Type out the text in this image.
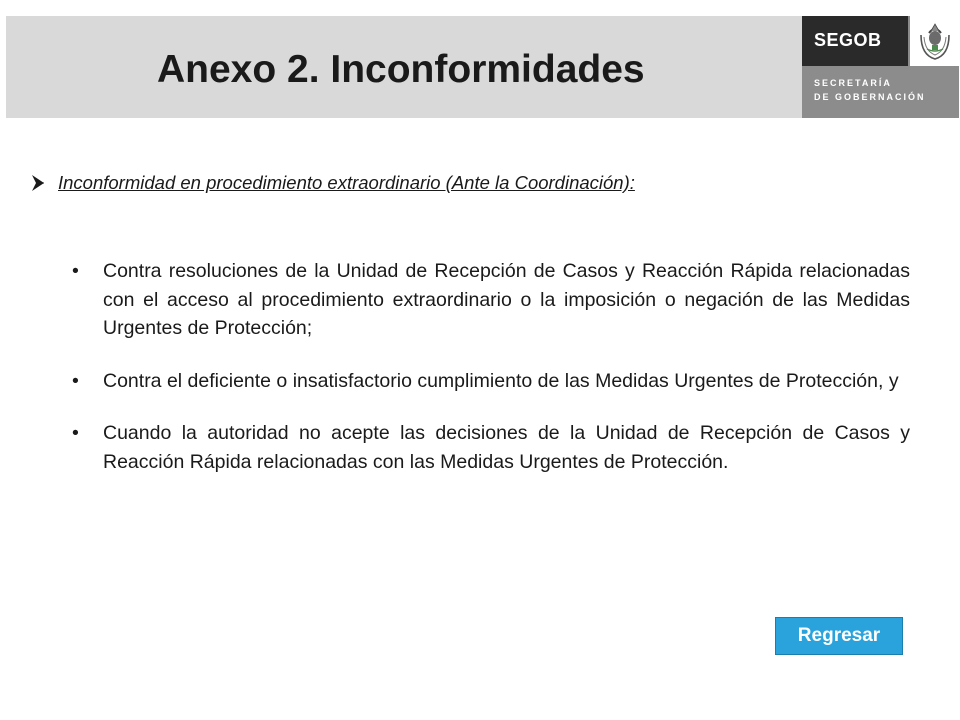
Anexo 2. Inconformidades
SEGOB
SECRETARÍA
DE GOBERNACIÓN
Inconformidad en procedimiento extraordinario (Ante la Coordinación):
• Contra resoluciones de la Unidad de Recepción de Casos y Reacción Rápida relacionadas con el acceso al procedimiento extraordinario o la imposición o negación de las Medidas Urgentes de Protección;
• Contra el deficiente o insatisfactorio cumplimiento de las Medidas Urgentes de Protección, y
• Cuando la autoridad no acepte las decisiones de la Unidad de Recepción de Casos y Reacción Rápida relacionadas con las Medidas Urgentes de Protección.
Regresar
